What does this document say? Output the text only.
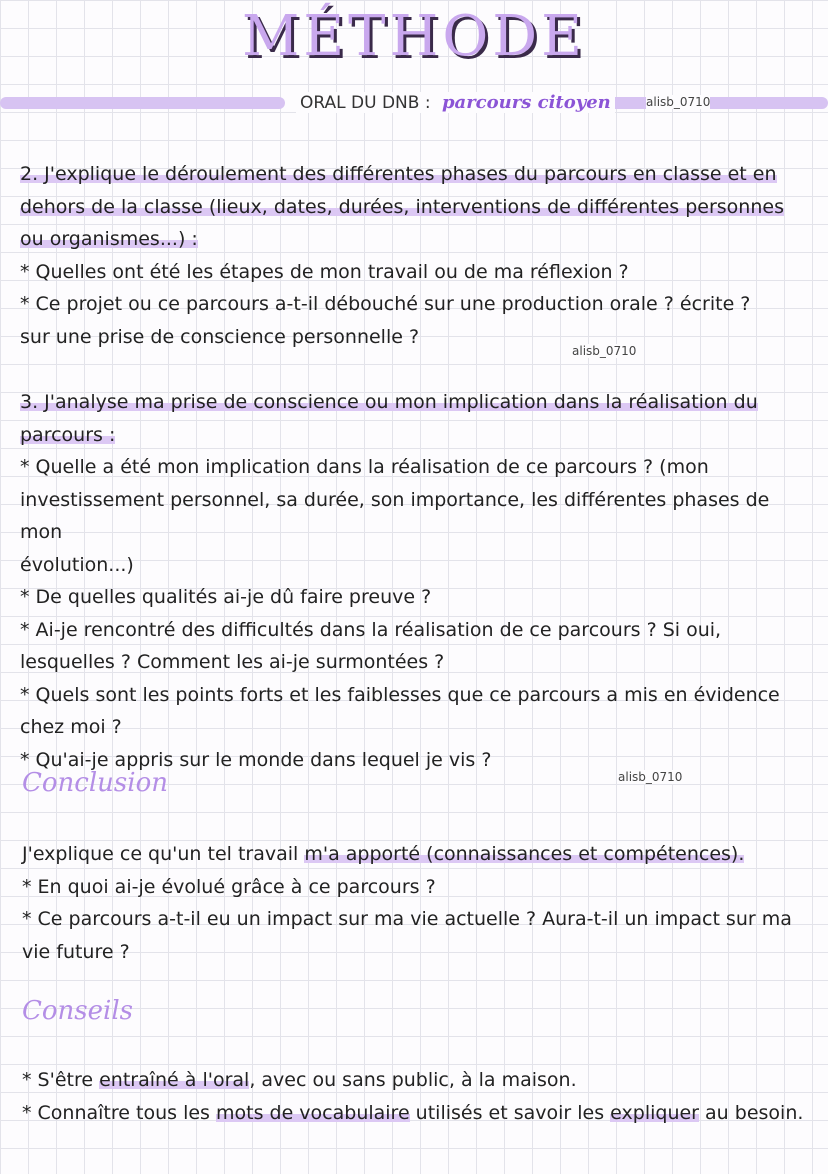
MÉTHODE
ORAL DU DNB : parcours citoyen	alisb_0710

2. J'explique le déroulement des différentes phases du parcours en classe et en

dehors de la classe (lieux, dates, durées, interventions de différentes personnes

ou organismes...) :

* Quelles ont été les étapes de mon travail ou de ma réflexion ?

* Ce projet ou ce parcours a-t-il débouché sur une production orale ? écrite ?

sur une prise de conscience personnelle ?

alisb_0710

3. J'analyse ma prise de conscience ou mon implication dans la réalisation du

parcours :

* Quelle a été mon implication dans la réalisation de ce parcours ? (mon

investissement personnel, sa durée, son importance, les différentes phases de mon

évolution...)

* De quelles qualités ai-je dû faire preuve ?

* Ai-je rencontré des difficultés dans la réalisation de ce parcours ? Si oui,

lesquelles ? Comment les ai-je surmontées ?

* Quels sont les points forts et les faiblesses que ce parcours a mis en évidence

chez moi ?

* Qu'ai-je appris sur le monde dans lequel je vis ?

Conclusion	alisb_0710

J'explique ce qu'un tel travail m'a apporté (connaissances et compétences).

* En quoi ai-je évolué grâce à ce parcours ?

* Ce parcours a-t-il eu un impact sur ma vie actuelle ? Aura-t-il un impact sur ma

vie future ?

Conseils

* S'être entraîné à l'oral, avec ou sans public, à la maison.

* Connaître tous les mots de vocabulaire utilisés et savoir les expliquer au besoin.
